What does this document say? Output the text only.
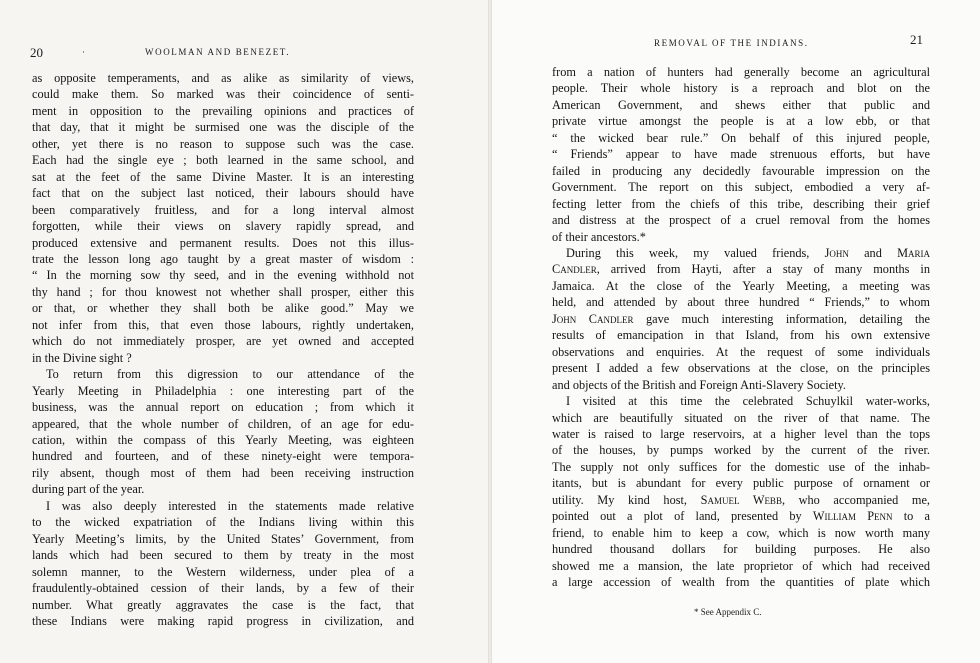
20	·	WOOLMAN AND BENEZET.
as opposite temperaments, and as alike as similarity of views,
could make them. So marked was their coincidence of senti-
ment in opposition to the prevailing opinions and practices of
that day, that it might be surmised one was the disciple of the
other, yet there is no reason to suppose such was the case.
Each had the single eye ; both learned in the same school, and
sat at the feet of the same Divine Master. It is an interesting
fact that on the subject last noticed, their labours should have
been comparatively fruitless, and for a long interval almost
forgotten, while their views on slavery rapidly spread, and
produced extensive and permanent results. Does not this illus-
trate the lesson long ago taught by a great master of wisdom :
“ In the morning sow thy seed, and in the evening withhold not
thy hand ; for thou knowest not whether shall prosper, either this
or that, or whether they shall both be alike good.” May we
not infer from this, that even those labours, rightly undertaken,
which do not immediately prosper, are yet owned and accepted
in the Divine sight ?
To return from this digression to our attendance of the
Yearly Meeting in Philadelphia : one interesting part of the
business, was the annual report on education ; from which it
appeared, that the whole number of children, of an age for edu-
cation, within the compass of this Yearly Meeting, was eighteen
hundred and fourteen, and of these ninety-eight were tempora-
rily absent, though most of them had been receiving instruction
during part of the year.
I was also deeply interested in the statements made relative
to the wicked expatriation of the Indians living within this
Yearly Meeting’s limits, by the United States’ Government, from
lands which had been secured to them by treaty in the most
solemn manner, to the Western wilderness, under plea of a
fraudulently-obtained cession of their lands, by a few of their
number. What greatly aggravates the case is the fact, that
these Indians were making rapid progress in civilization, and
REMOVAL OF THE INDIANS.	21
from a nation of hunters had generally become an agricultural
people. Their whole history is a reproach and blot on the
American Government, and shews either that public and
private virtue amongst the people is at a low ebb, or that
“ the wicked bear rule.” On behalf of this injured people,
“ Friends” appear to have made strenuous efforts, but have
failed in producing any decidedly favourable impression on the
Government. The report on this subject, embodied a very af-
fecting letter from the chiefs of this tribe, describing their grief
and distress at the prospect of a cruel removal from the homes
of their ancestors.*
During this week, my valued friends, John and Maria
Candler, arrived from Hayti, after a stay of many months in
Jamaica. At the close of the Yearly Meeting, a meeting was
held, and attended by about three hundred “ Friends,” to whom
John Candler gave much interesting information, detailing the
results of emancipation in that Island, from his own extensive
observations and enquiries. At the request of some individuals
present I added a few observations at the close, on the principles
and objects of the British and Foreign Anti-Slavery Society.
I visited at this time the celebrated Schuylkil water-works,
which are beautifully situated on the river of that name. The
water is raised to large reservoirs, at a higher level than the tops
of the houses, by pumps worked by the current of the river.
The supply not only suffices for the domestic use of the inhab-
itants, but is abundant for every public purpose of ornament or
utility. My kind host, Samuel Webb, who accompanied me,
pointed out a plot of land, presented by William Penn to a
friend, to enable him to keep a cow, which is now worth many
hundred thousand dollars for building purposes. He also
showed me a mansion, the late proprietor of which had received
a large accession of wealth from the quantities of plate which
* See Appendix C.
